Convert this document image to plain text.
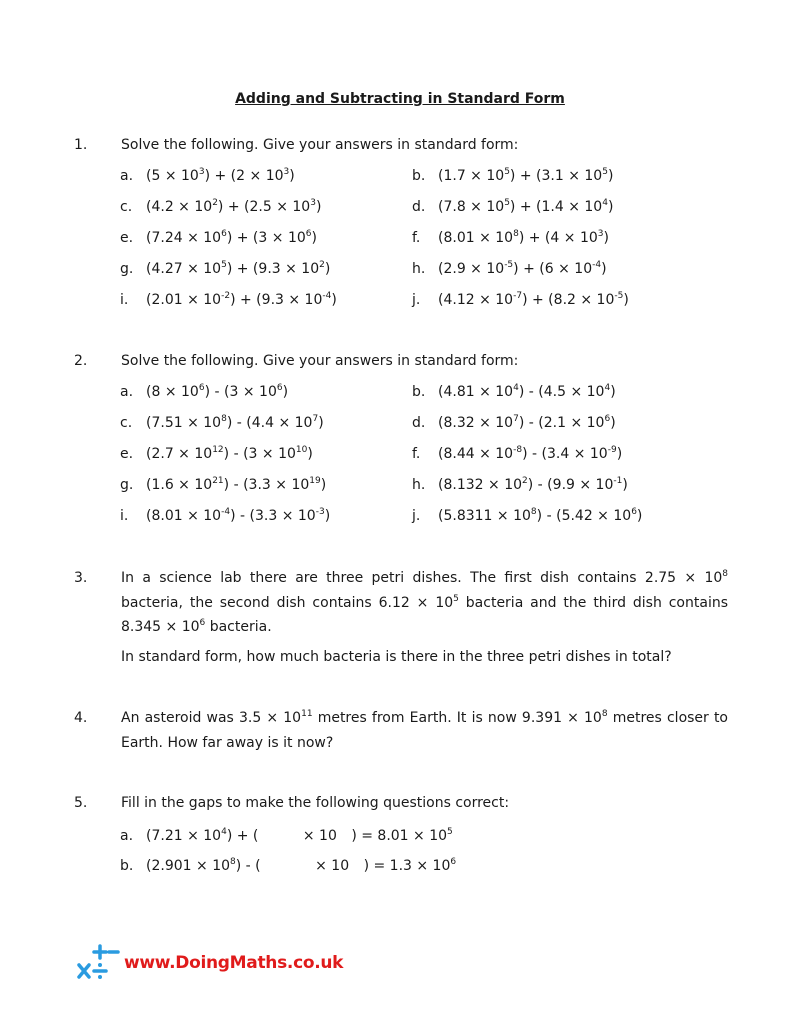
Adding and Subtracting in Standard Form
1. Solve the following. Give your answers in standard form:
a. $(5 \times 10^3) + (2 \times 10^3)$	b. $(1.7 \times 10^5) + (3.1 \times 10^5)$
c. $(4.2 \times 10^2) + (2.5 \times 10^3)$	d. $(7.8 \times 10^5) + (1.4 \times 10^4)$
e. $(7.24 \times 10^6) + (3 \times 10^6)$	f. $(8.01 \times 10^8) + (4 \times 10^3)$
g. $(4.27 \times 10^5) + (9.3 \times 10^2)$	h. $(2.9 \times 10^{-5}) + (6 \times 10^{-4})$
i. $(2.01 \times 10^{-2}) + (9.3 \times 10^{-4})$	j. $(4.12 \times 10^{-7}) + (8.2 \times 10^{-5})$
2. Solve the following. Give your answers in standard form:
a. $(8 \times 10^6) - (3 \times 10^6)$	b. $(4.81 \times 10^4) - (4.5 \times 10^4)$
c. $(7.51 \times 10^8) - (4.4 \times 10^7)$	d. $(8.32 \times 10^7) - (2.1 \times 10^6)$
e. $(2.7 \times 10^{12}) - (3 \times 10^{10})$	f. $(8.44 \times 10^{-8}) - (3.4 \times 10^{-9})$
g. $(1.6 \times 10^{21}) - (3.3 \times 10^{19})$	h. $(8.132 \times 10^2) - (9.9 \times 10^{-1})$
i. $(8.01 \times 10^{-4}) - (3.3 \times 10^{-3})$	j. $(5.8311 \times 10^8) - (5.42 \times 10^6)$
3. In a science lab there are three petri dishes. The first dish contains $2.75 \times 10^8$ bacteria, the second dish contains $6.12 \times 10^5$ bacteria and the third dish contains $8.345 \times 10^6$ bacteria.
In standard form, how much bacteria is there in the three petri dishes in total?
4. An asteroid was $3.5 \times 10^{11}$ metres from Earth. It is now $9.391 \times 10^8$ metres closer to Earth. How far away is it now?
5. Fill in the gaps to make the following questions correct:
a. $(7.21 \times 10^4)$ + (	× 10 ) = $8.01 \times 10^5$
b. $(2.901 \times 10^8)$ - (	× 10 ) = $1.3 \times 10^6$
www.DoingMaths.co.uk
